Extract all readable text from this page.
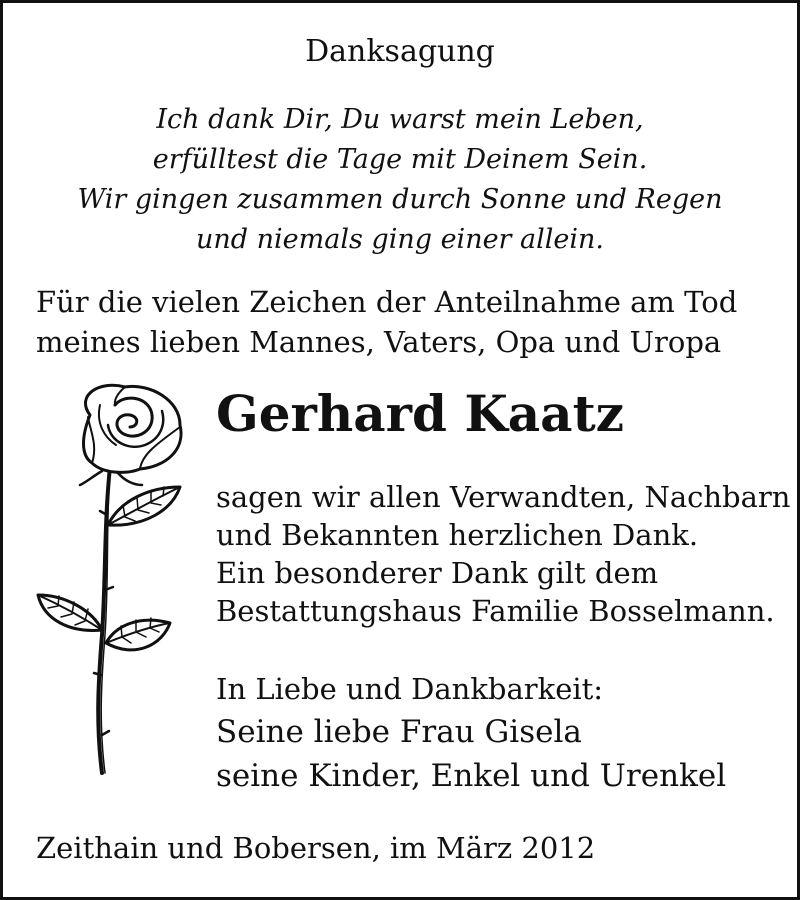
Danksagung
Ich dank Dir, Du warst mein Leben,
erfülltest die Tage mit Deinem Sein.
Wir gingen zusammen durch Sonne und Regen
und niemals ging einer allein.
Für die vielen Zeichen der Anteilnahme am Tod
meines lieben Mannes, Vaters, Opa und Uropa
Gerhard Kaatz
sagen wir allen Verwandten, Nachbarn
und Bekannten herzlichen Dank.
Ein besonderer Dank gilt dem
Bestattungshaus Familie Bosselmann.
In Liebe und Dankbarkeit:
Seine liebe Frau Gisela
seine Kinder, Enkel und Urenkel
Zeithain und Bobersen, im März 2012
